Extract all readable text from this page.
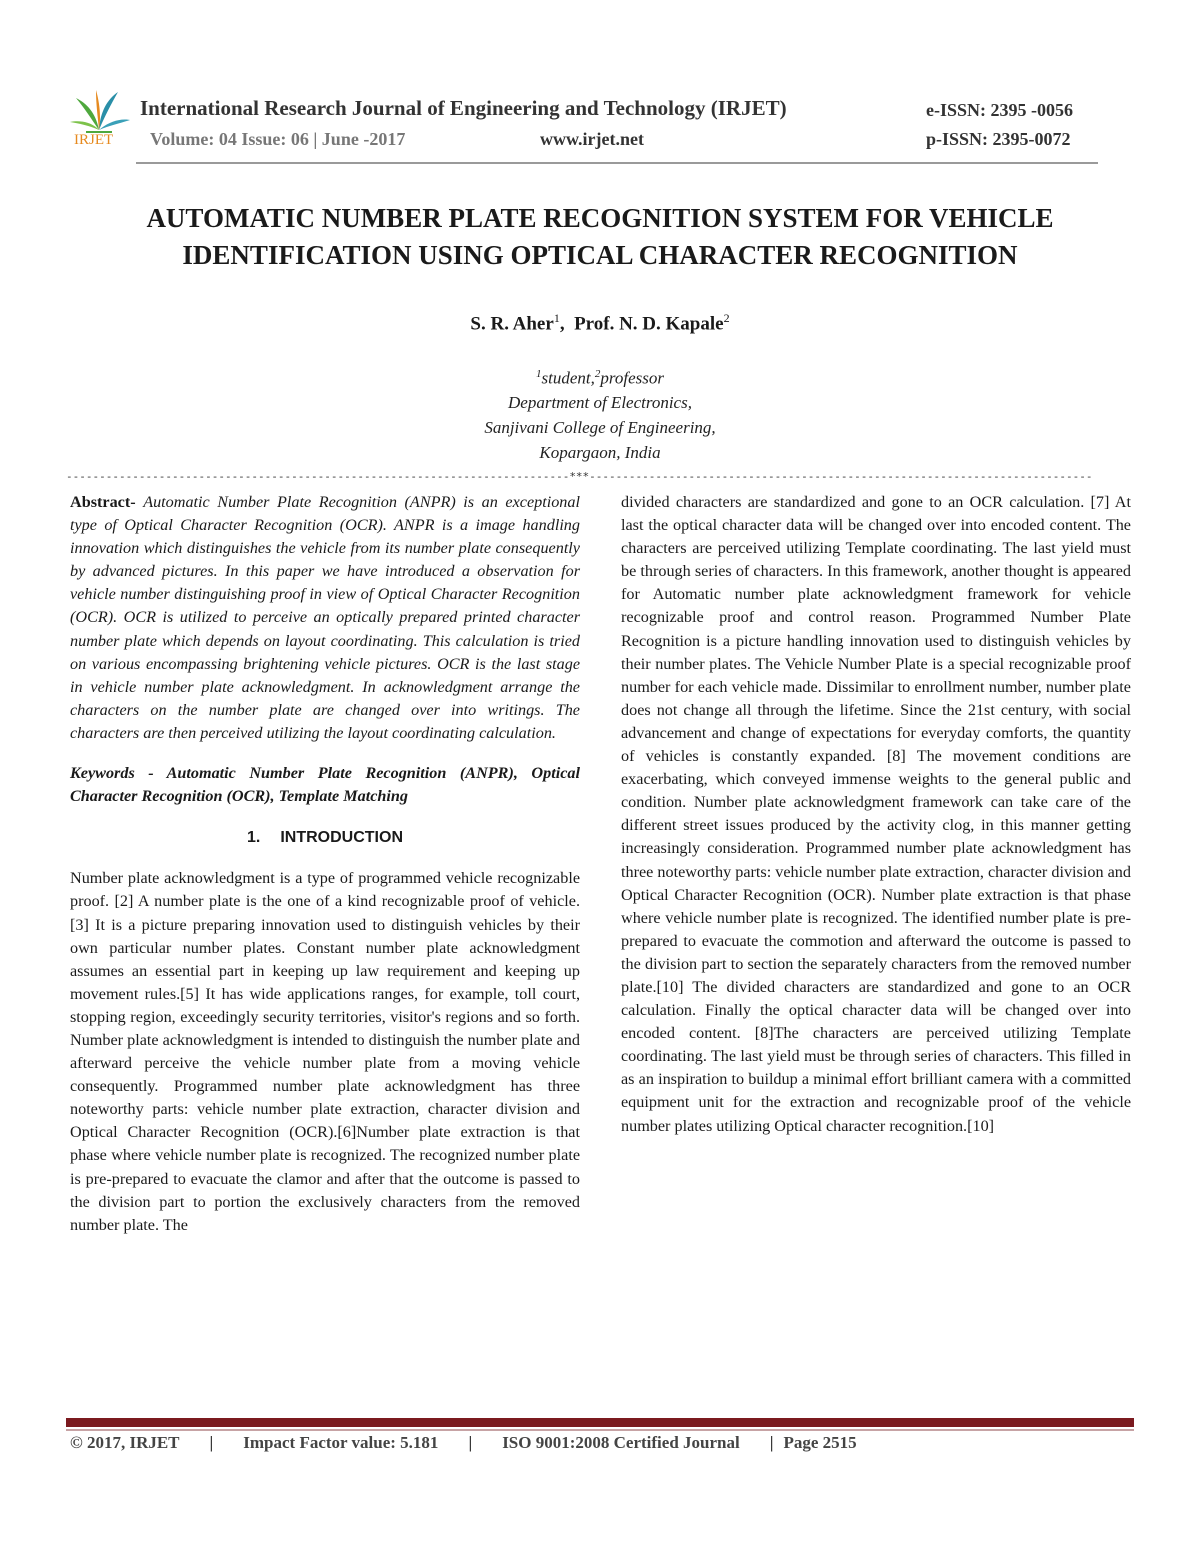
IRJET
International Research Journal of Engineering and Technology (IRJET)
Volume: 04 Issue: 06 | June -2017	www.irjet.net
e-ISSN: 2395 -0056
p-ISSN: 2395-0072
AUTOMATIC NUMBER PLATE RECOGNITION SYSTEM FOR VEHICLE
IDENTIFICATION USING OPTICAL CHARACTER RECOGNITION
S. R. Aher$^1$,  Prof. N. D. Kapale$^2$
$^1$student,$^2$professor
Department of Electronics,
Sanjivani College of Engineering,
Kopargaon, India
----------------------------------------------------------------------------***----------------------------------------------------------------------------

Abstract- Automatic Number Plate Recognition (ANPR) is an exceptional type of Optical Character Recognition (OCR). ANPR is a image handling innovation which distinguishes the vehicle from its number plate consequently by advanced pictures. In this paper we have introduced a observation for vehicle number distinguishing proof in view of Optical Character Recognition (OCR). OCR is utilized to perceive an optically prepared printed character number plate which depends on layout coordinating. This calculation is tried on various encompassing brightening vehicle pictures. OCR is the last stage in vehicle number plate acknowledgment. In acknowledgment arrange the characters on the number plate are changed over into writings. The characters are then perceived utilizing the layout coordinating calculation.

Keywords - Automatic Number Plate Recognition (ANPR), Optical Character Recognition (OCR), Template Matching

1. INTRODUCTION

Number plate acknowledgment is a type of programmed vehicle recognizable proof. [2] A number plate is the one of a kind recognizable proof of vehicle. [3] It is a picture preparing innovation used to distinguish vehicles by their own particular number plates. Constant number plate acknowledgment assumes an essential part in keeping up law requirement and keeping up movement rules.[5] It has wide applications ranges, for example, toll court, stopping region, exceedingly security territories, visitor's regions and so forth. Number plate acknowledgment is intended to distinguish the number plate and afterward perceive the vehicle number plate from a moving vehicle consequently. Programmed number plate acknowledgment has three noteworthy parts: vehicle number plate extraction, character division and Optical Character Recognition (OCR).[6]Number plate extraction is that phase where vehicle number plate is recognized. The recognized number plate is pre-prepared to evacuate the clamor and after that the outcome is passed to the division part to portion the exclusively characters from the removed number plate. The

divided characters are standardized and gone to an OCR calculation. [7] At last the optical character data will be changed over into encoded content. The characters are perceived utilizing Template coordinating. The last yield must be through series of characters. In this framework, another thought is appeared for Automatic number plate acknowledgment framework for vehicle recognizable proof and control reason. Programmed Number Plate Recognition is a picture handling innovation used to distinguish vehicles by their number plates. The Vehicle Number Plate is a special recognizable proof number for each vehicle made. Dissimilar to enrollment number, number plate does not change all through the lifetime. Since the 21st century, with social advancement and change of expectations for everyday comforts, the quantity of vehicles is constantly expanded. [8] The movement conditions are exacerbating, which conveyed immense weights to the general public and condition. Number plate acknowledgment framework can take care of the different street issues produced by the activity clog, in this manner getting increasingly consideration. Programmed number plate acknowledgment has three noteworthy parts: vehicle number plate extraction, character division and Optical Character Recognition (OCR). Number plate extraction is that phase where vehicle number plate is recognized. The identified number plate is pre-prepared to evacuate the commotion and afterward the outcome is passed to the division part to section the separately characters from the removed number plate.[10] The divided characters are standardized and gone to an OCR calculation. Finally the optical character data will be changed over into encoded content. [8]The characters are perceived utilizing Template coordinating. The last yield must be through series of characters. This filled in as an inspiration to buildup a minimal effort brilliant camera with a committed equipment unit for the extraction and recognizable proof of the vehicle number plates utilizing Optical character recognition.[10]

© 2017, IRJET | Impact Factor value: 5.181 | ISO 9001:2008 Certified Journal | Page 2515
